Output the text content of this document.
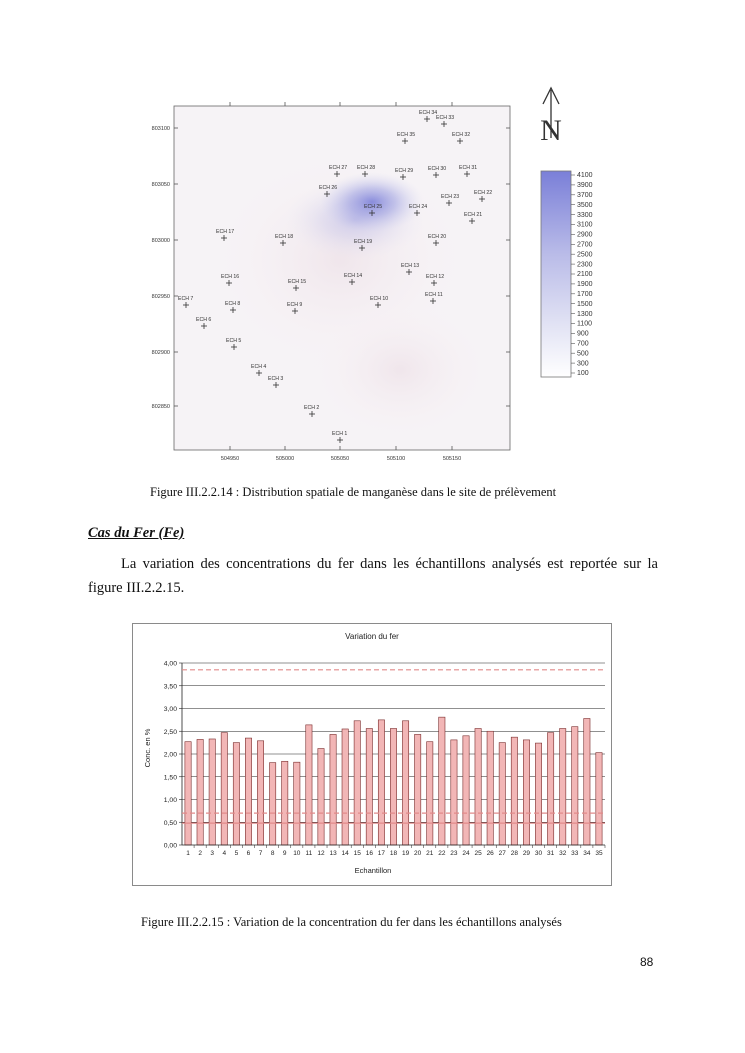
803100
803050
803000
802950
802900
802850
504950	505000	505050	505100	505150
ECH 34
ECH 33
ECH 35	ECH 32
ECH 27 ECH 28	ECH 29	ECH 30 ECH 31
ECH 26
ECH 23
ECH 22
ECH 25	ECH 24
ECH 21
ECH 17
ECH 18
ECH 19
ECH 20
ECH 13
ECH 16
ECH 15
ECH 14	ECH 12
ECH 7
ECH 8	ECH 9
ECH 10
ECH 11
ECH 6
ECH 5
ECH 4
ECH 3
ECH 2
ECH 1
4100
3900
3700
3500
3300
3100
2900
2700
2500
2300
2100
1900
1700
1500
1300
1100
900
700
500
300
100
N
Figure III.2.2.14 : Distribution spatiale de manganèse dans le site de prélèvement
Cas du Fer (Fe)
La variation des concentrations du fer dans les échantillons analysés est reportée sur la figure III.2.2.15.
Variation du fer
4,00
3,50
3,00
2,50
2,00
1,50
1,00
0,50
0,00
1 2 3 4 5 6 7 8 9 10 11 12 13 14 15 16 17 18 19 20 21 22 23 24 25 26 27 28 29 30 31 32 33 34 35
Echantillon
Conc. en %
Figure III.2.2.15 : Variation de la concentration du fer dans les échantillons analysés
88
